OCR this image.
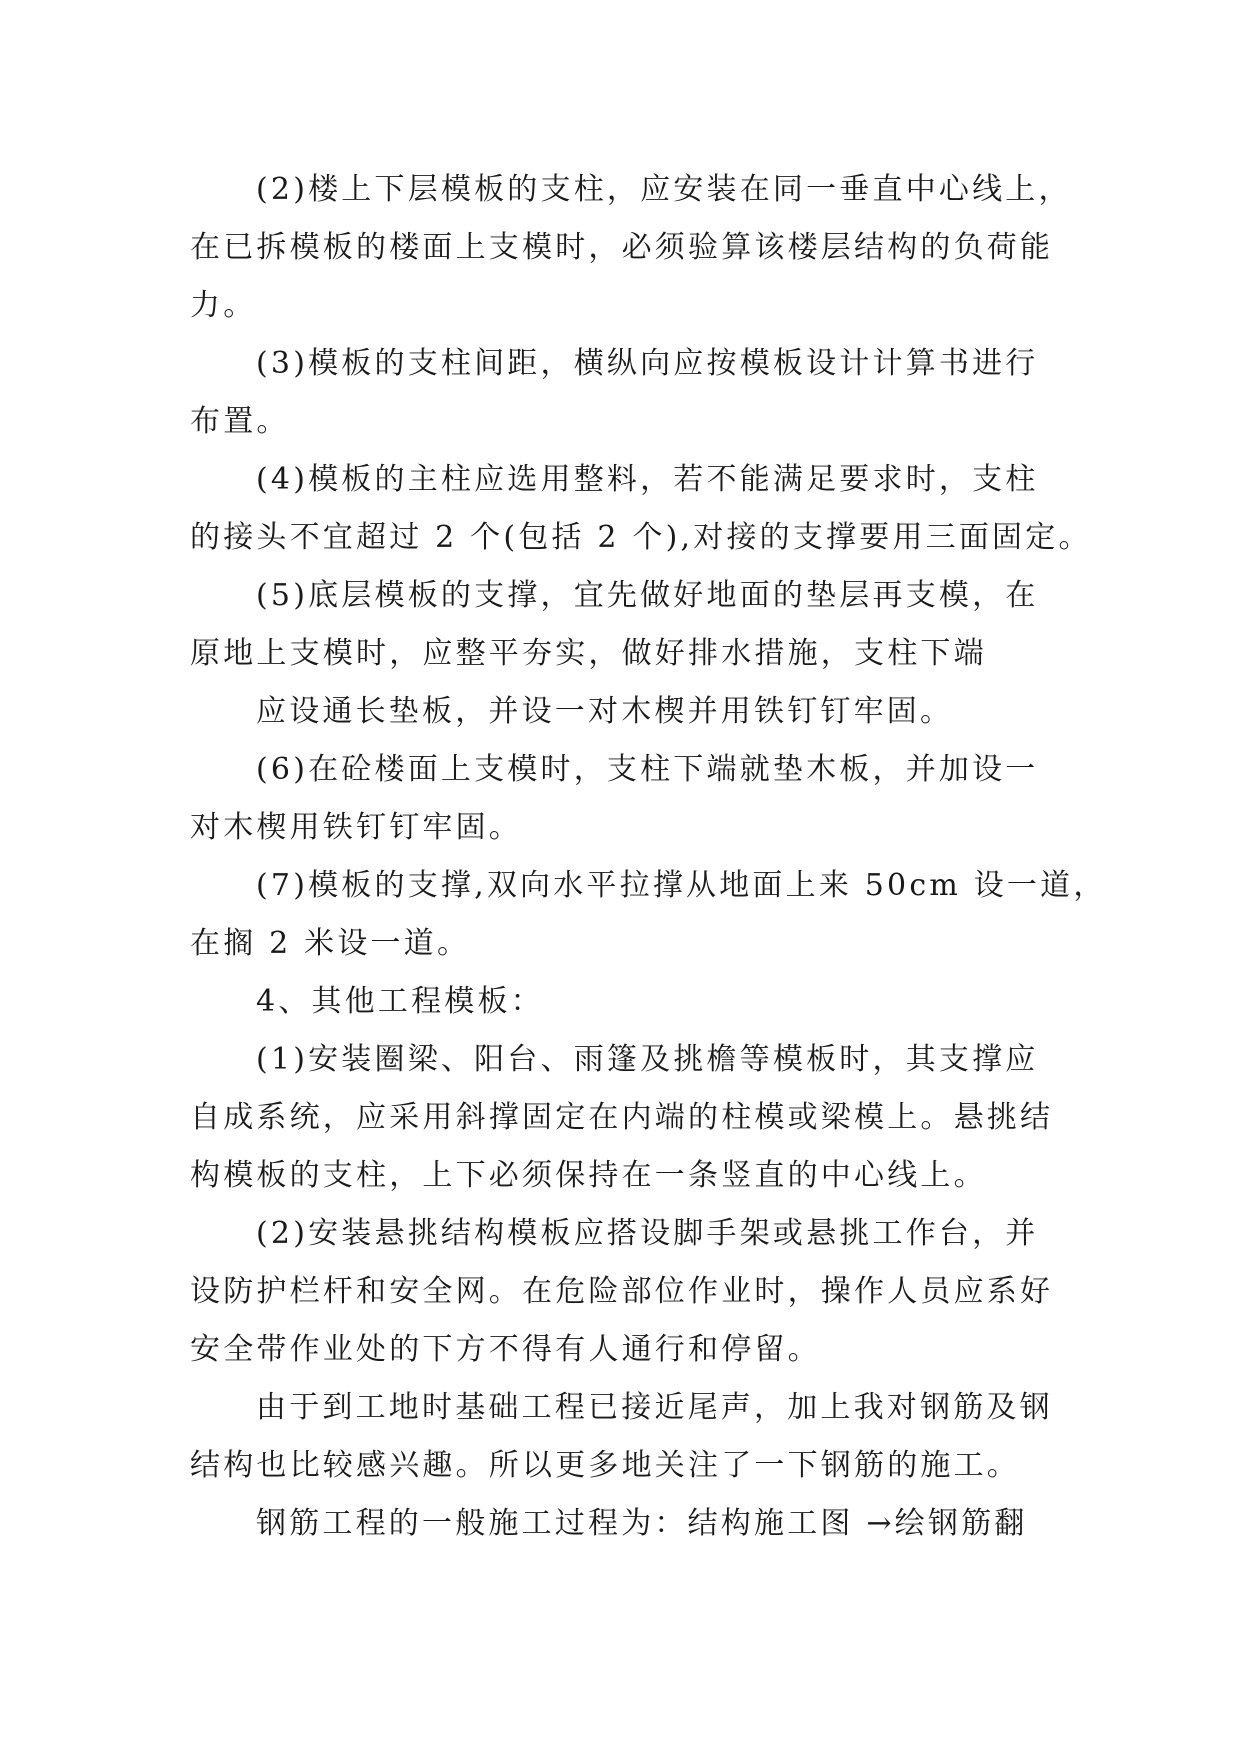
(2)楼上下层模板的支柱，应安装在同一垂直中心线上，
在已拆模板的楼面上支模时，必须验算该楼层结构的负荷能
力。
(3)模板的支柱间距，横纵向应按模板设计计算书进行
布置。
(4)模板的主柱应选用整料，若不能满足要求时，支柱
的接头不宜超过 2 个(包括 2 个),对接的支撑要用三面固定。
(5)底层模板的支撑，宜先做好地面的垫层再支模，在
原地上支模时，应整平夯实，做好排水措施，支柱下端
应设通长垫板，并设一对木楔并用铁钉钉牢固。
(6)在砼楼面上支模时，支柱下端就垫木板，并加设一
对木楔用铁钉钉牢固。
(7)模板的支撑,双向水平拉撑从地面上来 50cm 设一道，
在搁 2 米设一道。
4、其他工程模板：
(1)安装圈梁、阳台、雨篷及挑檐等模板时，其支撑应
自成系统，应采用斜撑固定在内端的柱模或梁模上。悬挑结
构模板的支柱，上下必须保持在一条竖直的中心线上。
(2)安装悬挑结构模板应搭设脚手架或悬挑工作台，并
设防护栏杆和安全网。在危险部位作业时，操作人员应系好
安全带作业处的下方不得有人通行和停留。
由于到工地时基础工程已接近尾声，加上我对钢筋及钢
结构也比较感兴趣。所以更多地关注了一下钢筋的施工。
钢筋工程的一般施工过程为：结构施工图 →绘钢筋翻
